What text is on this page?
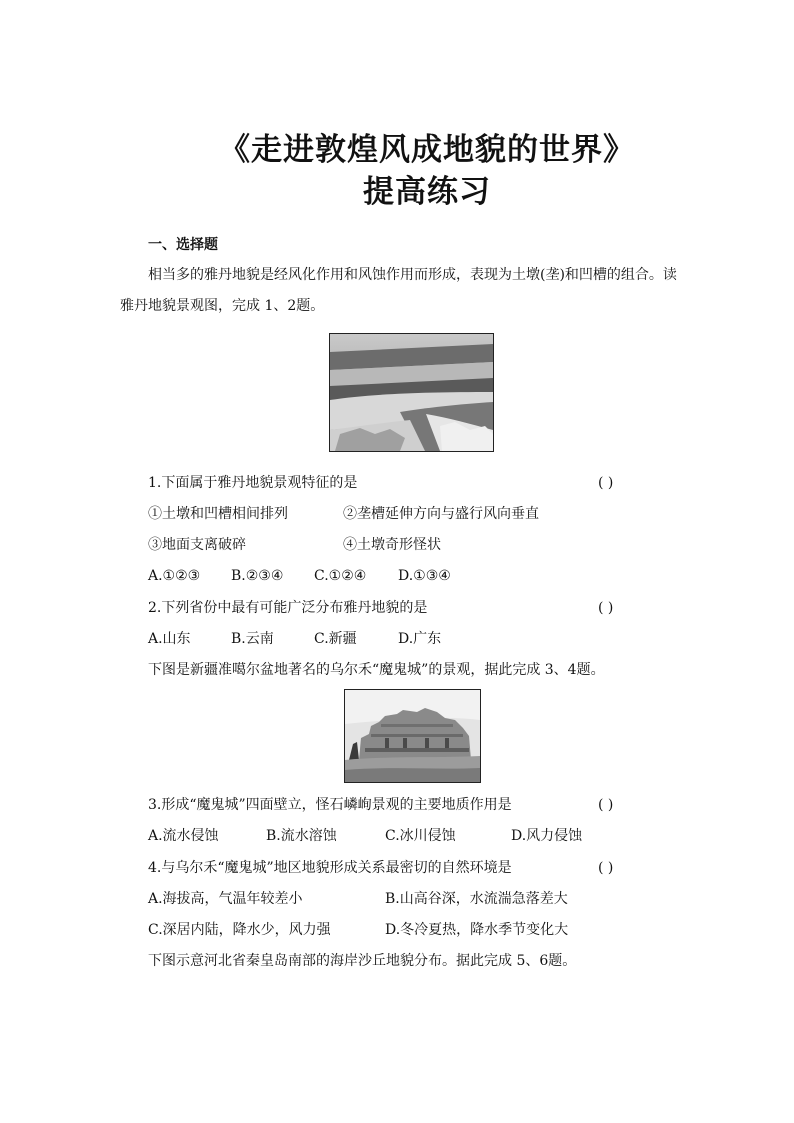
《走进敦煌风成地貌的世界》
提高练习
一、选择题
相当多的雅丹地貌是经风化作用和风蚀作用而形成，表现为土墩(垄)和凹槽的组合。读
雅丹地貌景观图，完成 1、2题。
1.下面属于雅丹地貌景观特征的是	( )
①土墩和凹槽相间排列	②垄槽延伸方向与盛行风向垂直
③地面支离破碎	④土墩奇形怪状
A.①②③ B.②③④ C.①②④ D.①③④
2.下列省份中最有可能广泛分布雅丹地貌的是	( )
A.山东	B.云南	C.新疆	D.广东
下图是新疆准噶尔盆地著名的乌尔禾“魔鬼城”的景观，据此完成 3、4题。
3.形成“魔鬼城”四面壁立，怪石嶙峋景观的主要地质作用是	( )
A.流水侵蚀	B.流水溶蚀	C.冰川侵蚀	D.风力侵蚀
4.与乌尔禾“魔鬼城”地区地貌形成关系最密切的自然环境是	( )
A.海拔高，气温年较差小	B.山高谷深，水流湍急落差大
C.深居内陆，降水少，风力强	D.冬冷夏热，降水季节变化大
下图示意河北省秦皇岛南部的海岸沙丘地貌分布。据此完成 5、6题。
